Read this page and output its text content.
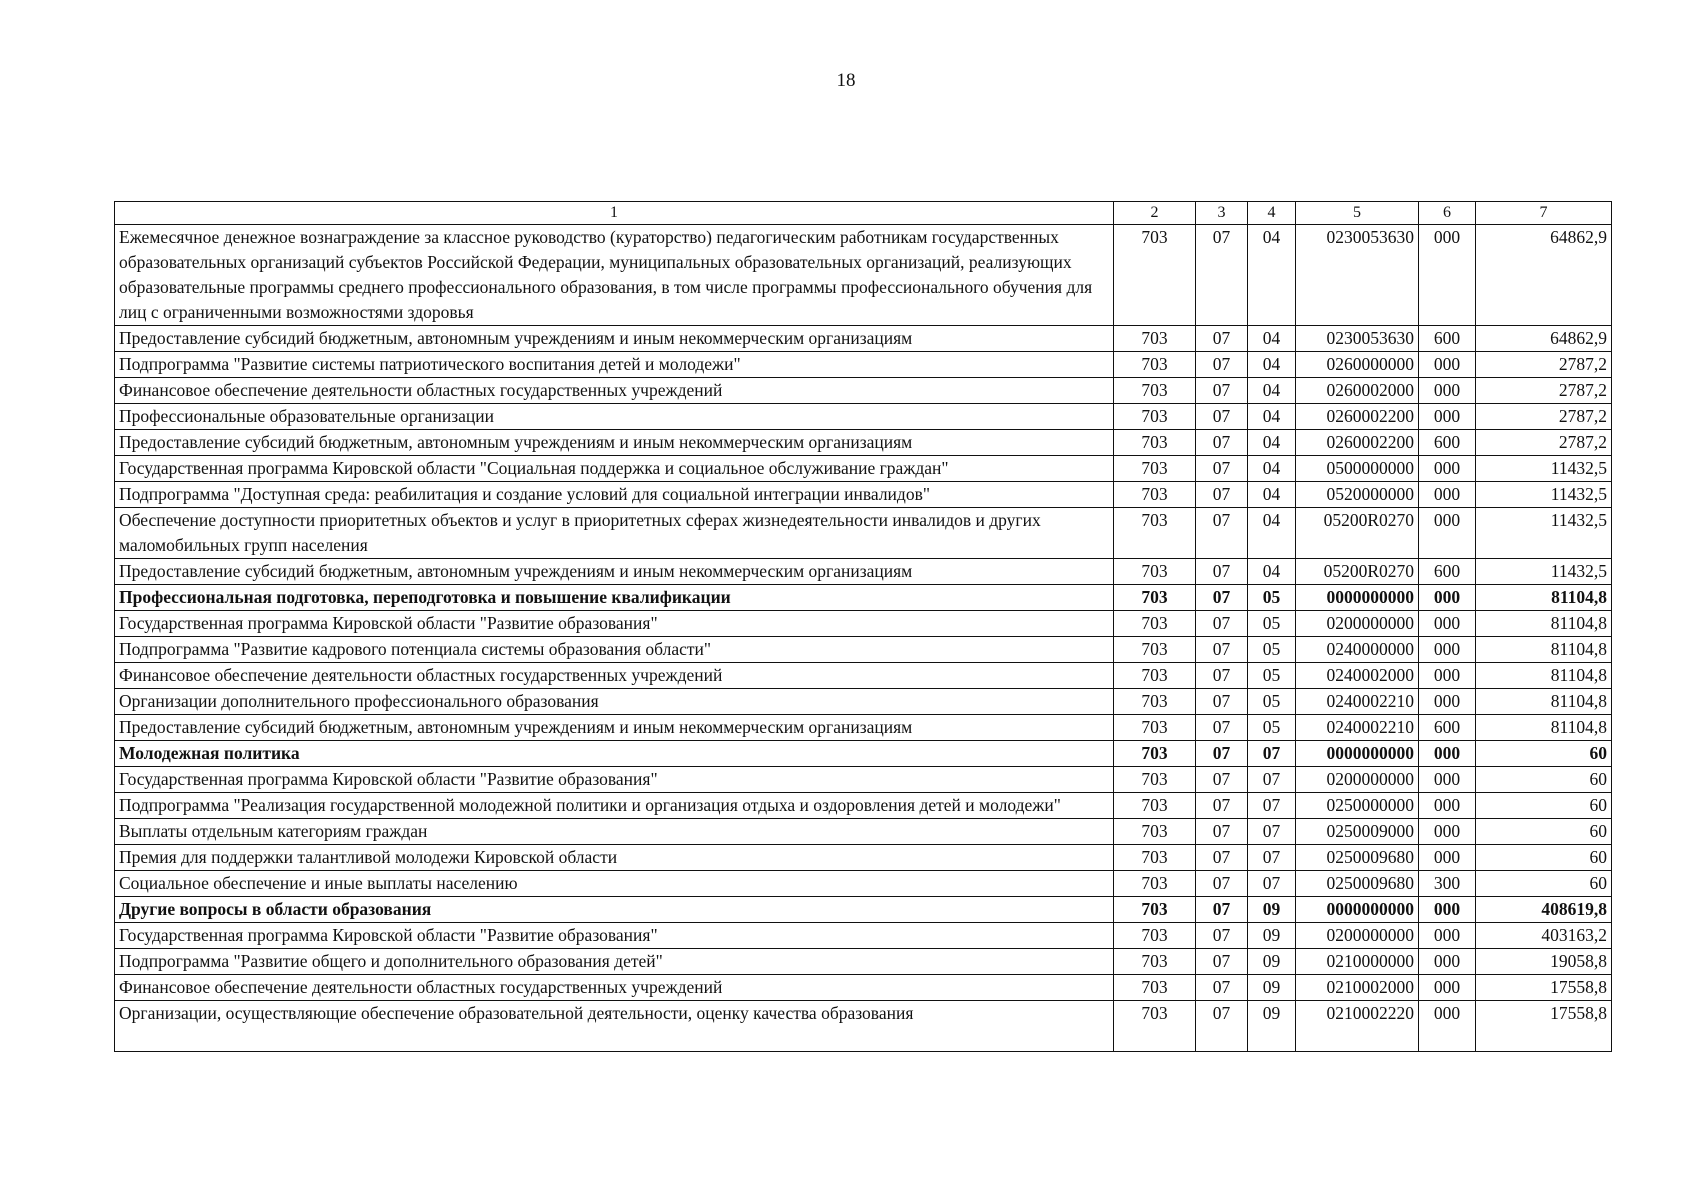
18
1	2	3	4	5	6	7
Ежемесячное денежное вознаграждение за классное руководство (кураторство) педагогическим работникам государственных образовательных организаций субъектов Российской Федерации, муниципальных образовательных организаций, реализующих образовательные программы среднего профессионального образования, в том числе программы профессионального обучения для лиц с ограниченными возможностями здоровья	703	07	04	0230053630	000	64862,9
Предоставление субсидий бюджетным, автономным учреждениям и иным некоммерческим организациям	703	07	04	0230053630	600	64862,9
Подпрограмма "Развитие системы патриотического воспитания детей и молодежи"	703	07	04	0260000000	000	2787,2
Финансовое обеспечение деятельности областных государственных учреждений	703	07	04	0260002000	000	2787,2
Профессиональные образовательные организации	703	07	04	0260002200	000	2787,2
Предоставление субсидий бюджетным, автономным учреждениям и иным некоммерческим организациям	703	07	04	0260002200	600	2787,2
Государственная программа Кировской области "Социальная поддержка и социальное обслуживание граждан"	703	07	04	0500000000	000	11432,5
Подпрограмма "Доступная среда: реабилитация и создание условий для социальной интеграции инвалидов"	703	07	04	0520000000	000	11432,5
Обеспечение доступности приоритетных объектов и услуг в приоритетных сферах жизнедеятельности инвалидов и других маломобильных групп населения	703	07	04	05200R0270	000	11432,5
Предоставление субсидий бюджетным, автономным учреждениям и иным некоммерческим организациям	703	07	04	05200R0270	600	11432,5
Профессиональная подготовка, переподготовка и повышение квалификации	703	07	05	0000000000	000	81104,8
Государственная программа Кировской области "Развитие образования"	703	07	05	0200000000	000	81104,8
Подпрограмма "Развитие кадрового потенциала системы образования области"	703	07	05	0240000000	000	81104,8
Финансовое обеспечение деятельности областных государственных учреждений	703	07	05	0240002000	000	81104,8
Организации дополнительного профессионального образования	703	07	05	0240002210	000	81104,8
Предоставление субсидий бюджетным, автономным учреждениям и иным некоммерческим организациям	703	07	05	0240002210	600	81104,8
Молодежная политика	703	07	07	0000000000	000	60
Государственная программа Кировской области "Развитие образования"	703	07	07	0200000000	000	60
Подпрограмма "Реализация государственной молодежной политики и организация отдыха и оздоровления детей и молодежи"	703	07	07	0250000000	000	60
Выплаты отдельным категориям граждан	703	07	07	0250009000	000	60
Премия для поддержки талантливой молодежи Кировской области	703	07	07	0250009680	000	60
Социальное обеспечение и иные выплаты населению	703	07	07	0250009680	300	60
Другие вопросы в области образования	703	07	09	0000000000	000	408619,8
Государственная программа Кировской области "Развитие образования"	703	07	09	0200000000	000	403163,2
Подпрограмма "Развитие общего и дополнительного образования детей"	703	07	09	0210000000	000	19058,8
Финансовое обеспечение деятельности областных государственных учреждений	703	07	09	0210002000	000	17558,8
Организации, осуществляющие обеспечение образовательной деятельности, оценку качества образования	703	07	09	0210002220	000	17558,8
